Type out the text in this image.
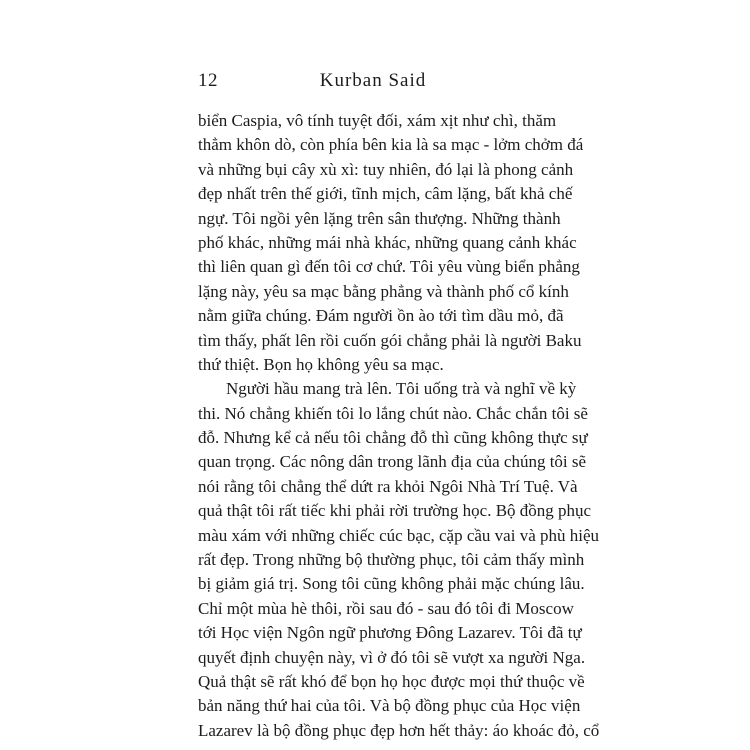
12	Kurban Said
biển Caspia, vô tính tuyệt đối, xám xịt như chì, thăm
thẳm khôn dò, còn phía bên kia là sa mạc - lởm chởm đá
và những bụi cây xù xì: tuy nhiên, đó lại là phong cảnh
đẹp nhất trên thế giới, tĩnh mịch, câm lặng, bất khả chế
ngự. Tôi ngồi yên lặng trên sân thượng. Những thành
phố khác, những mái nhà khác, những quang cảnh khác
thì liên quan gì đến tôi cơ chứ. Tôi yêu vùng biển phẳng
lặng này, yêu sa mạc bằng phẳng và thành phố cổ kính
nằm giữa chúng. Đám người ồn ào tới tìm dầu mỏ, đã
tìm thấy, phất lên rồi cuốn gói chẳng phải là người Baku
thứ thiệt. Bọn họ không yêu sa mạc.
Người hầu mang trà lên. Tôi uống trà và nghĩ về kỳ
thi. Nó chẳng khiến tôi lo lắng chút nào. Chắc chắn tôi sẽ
đỗ. Nhưng kể cả nếu tôi chẳng đỗ thì cũng không thực sự
quan trọng. Các nông dân trong lãnh địa của chúng tôi sẽ
nói rằng tôi chẳng thể dứt ra khỏi Ngôi Nhà Trí Tuệ. Và
quả thật tôi rất tiếc khi phải rời trường học. Bộ đồng phục
màu xám với những chiếc cúc bạc, cặp cầu vai và phù hiệu
rất đẹp. Trong những bộ thường phục, tôi cảm thấy mình
bị giảm giá trị. Song tôi cũng không phải mặc chúng lâu.
Chỉ một mùa hè thôi, rồi sau đó - sau đó tôi đi Moscow
tới Học viện Ngôn ngữ phương Đông Lazarev. Tôi đã tự
quyết định chuyện này, vì ở đó tôi sẽ vượt xa người Nga.
Quả thật sẽ rất khó để bọn họ học được mọi thứ thuộc về
bản năng thứ hai của tôi. Và bộ đồng phục của Học viện
Lazarev là bộ đồng phục đẹp hơn hết thảy: áo khoác đỏ, cổ
